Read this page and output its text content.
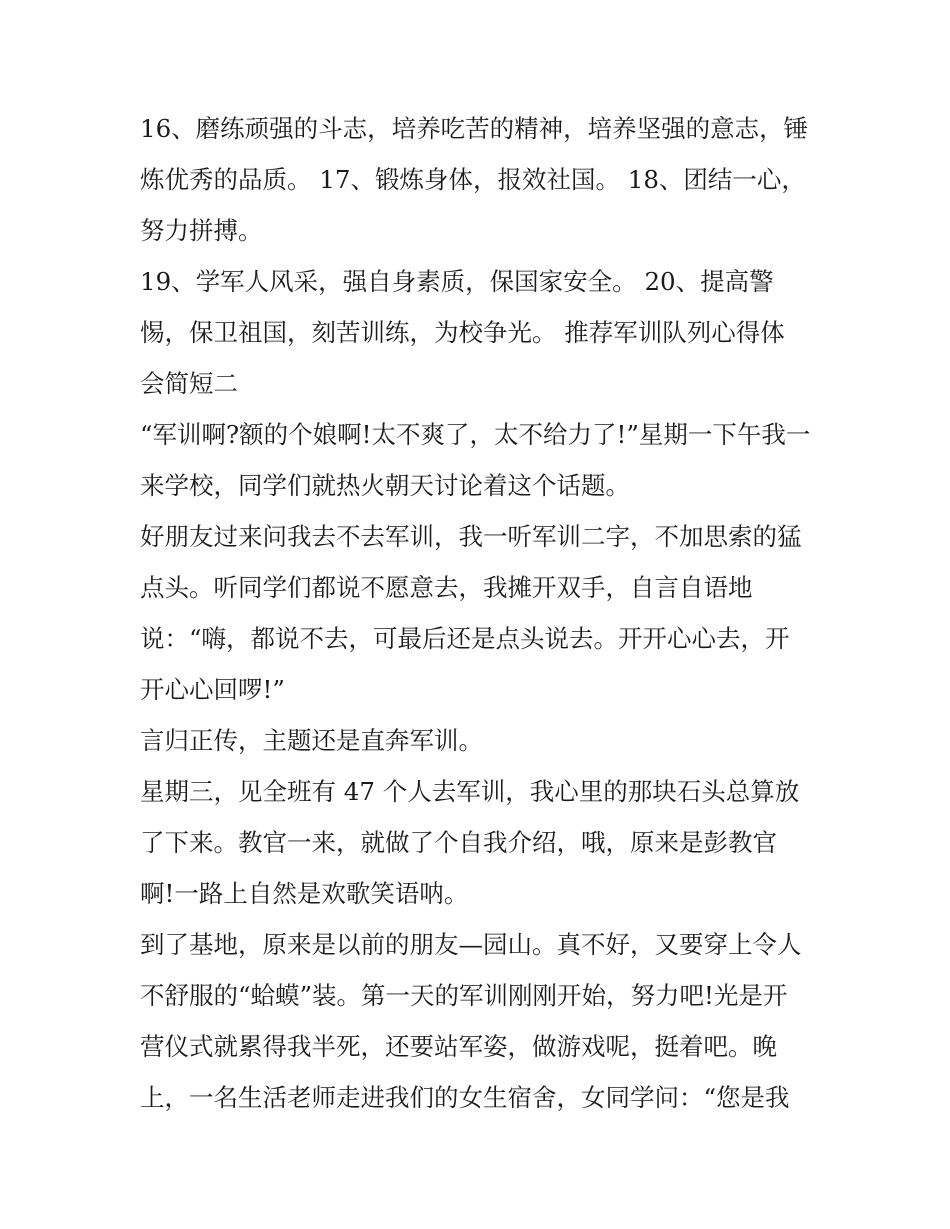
16、磨练顽强的斗志，培养吃苦的精神，培养坚强的意志，锤
炼优秀的品质。 17、锻炼身体，报效社国。 18、团结一心，
努力拼搏。
19、学军人风采，强自身素质，保国家安全。 20、提高警
惕，保卫祖国，刻苦训练，为校争光。 推荐军训队列心得体
会简短二
“军训啊?额的个娘啊!太不爽了，太不给力了!”星期一下午我一
来学校，同学们就热火朝天讨论着这个话题。
好朋友过来问我去不去军训，我一听军训二字，不加思索的猛
点头。听同学们都说不愿意去，我摊开双手，自言自语地
说：“嗨，都说不去，可最后还是点头说去。开开心心去，开
开心心回啰!”
言归正传，主题还是直奔军训。
星期三，见全班有 47 个人去军训，我心里的那块石头总算放
了下来。教官一来，就做了个自我介绍，哦，原来是彭教官
啊!一路上自然是欢歌笑语呐。
到了基地，原来是以前的朋友—园山。真不好，又要穿上令人
不舒服的“蛤蟆”装。第一天的军训刚刚开始，努力吧!光是开
营仪式就累得我半死，还要站军姿，做游戏呢，挺着吧。晚
上，一名生活老师走进我们的女生宿舍，女同学问：“您是我
